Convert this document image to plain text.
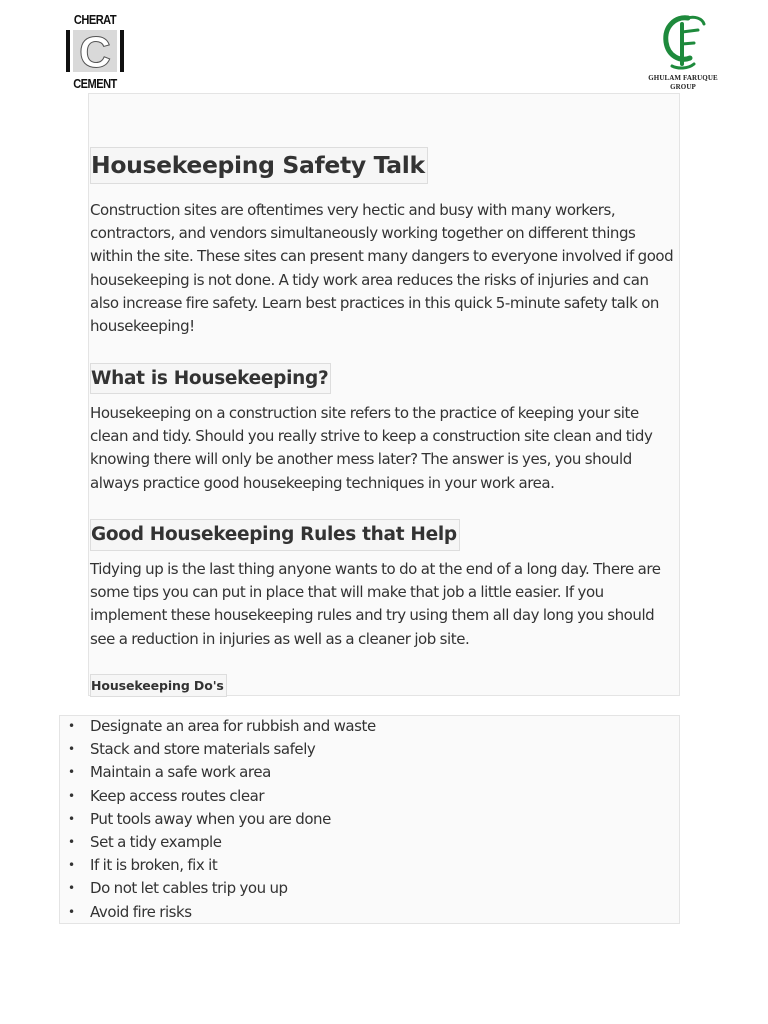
CHERAT
C
CEMENT	GHULAM FARUQUE
GROUP
Housekeeping Safety Talk

Construction sites are oftentimes very hectic and busy with many workers, contractors, and vendors simultaneously working together on different things within the site. These sites can present many dangers to everyone involved if good housekeeping is not done. A tidy work area reduces the risks of injuries and can also increase fire safety. Learn best practices in this quick 5-minute safety talk on housekeeping!

What is Housekeeping?

Housekeeping on a construction site refers to the practice of keeping your site clean and tidy. Should you really strive to keep a construction site clean and tidy knowing there will only be another mess later? The answer is yes, you should always practice good housekeeping techniques in your work area.

Good Housekeeping Rules that Help

Tidying up is the last thing anyone wants to do at the end of a long day. There are some tips you can put in place that will make that job a little easier. If you implement these housekeeping rules and try using them all day long you should see a reduction in injuries as well as a cleaner job site.

Housekeeping Do's
• Designate an area for rubbish and waste
• Stack and store materials safely
• Maintain a safe work area
• Keep access routes clear
• Put tools away when you are done
• Set a tidy example
• If it is broken, fix it
• Do not let cables trip you up
• Avoid fire risks
